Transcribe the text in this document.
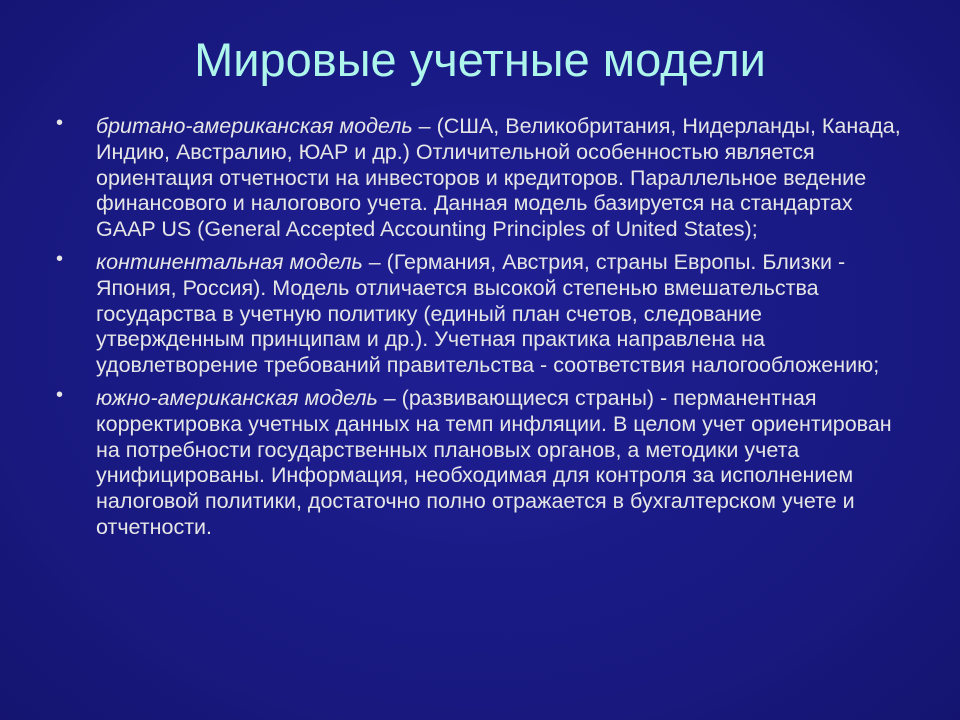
Мировые учетные модели
• британо-американская модель – (США, Великобритания, Нидерланды, Канада, Индию, Австралию, ЮАР и др.) Отличительной особенностью является ориентация отчетности на инвесторов и кредиторов. Параллельное ведение финансового и налогового учета. Данная модель базируется на стандартах GAAP US (General Accepted Accounting Principles of United States);
• континентальная модель – (Германия, Австрия, страны Европы. Близки - Япония, Россия). Модель отличается высокой степенью вмешательства государства в учетную политику (единый план счетов, следование утвержденным принципам и др.). Учетная практика направлена на удовлетворение требований правительства - соответствия налогообложению;
• южно-американская модель – (развивающиеся страны) - перманентная корректировка учетных данных на темп инфляции. В целом учет ориентирован на потребности государственных плановых органов, а методики учета унифицированы. Информация, необходимая для контроля за исполнением налоговой политики, достаточно полно отражается в бухгалтерском учете и отчетности.
